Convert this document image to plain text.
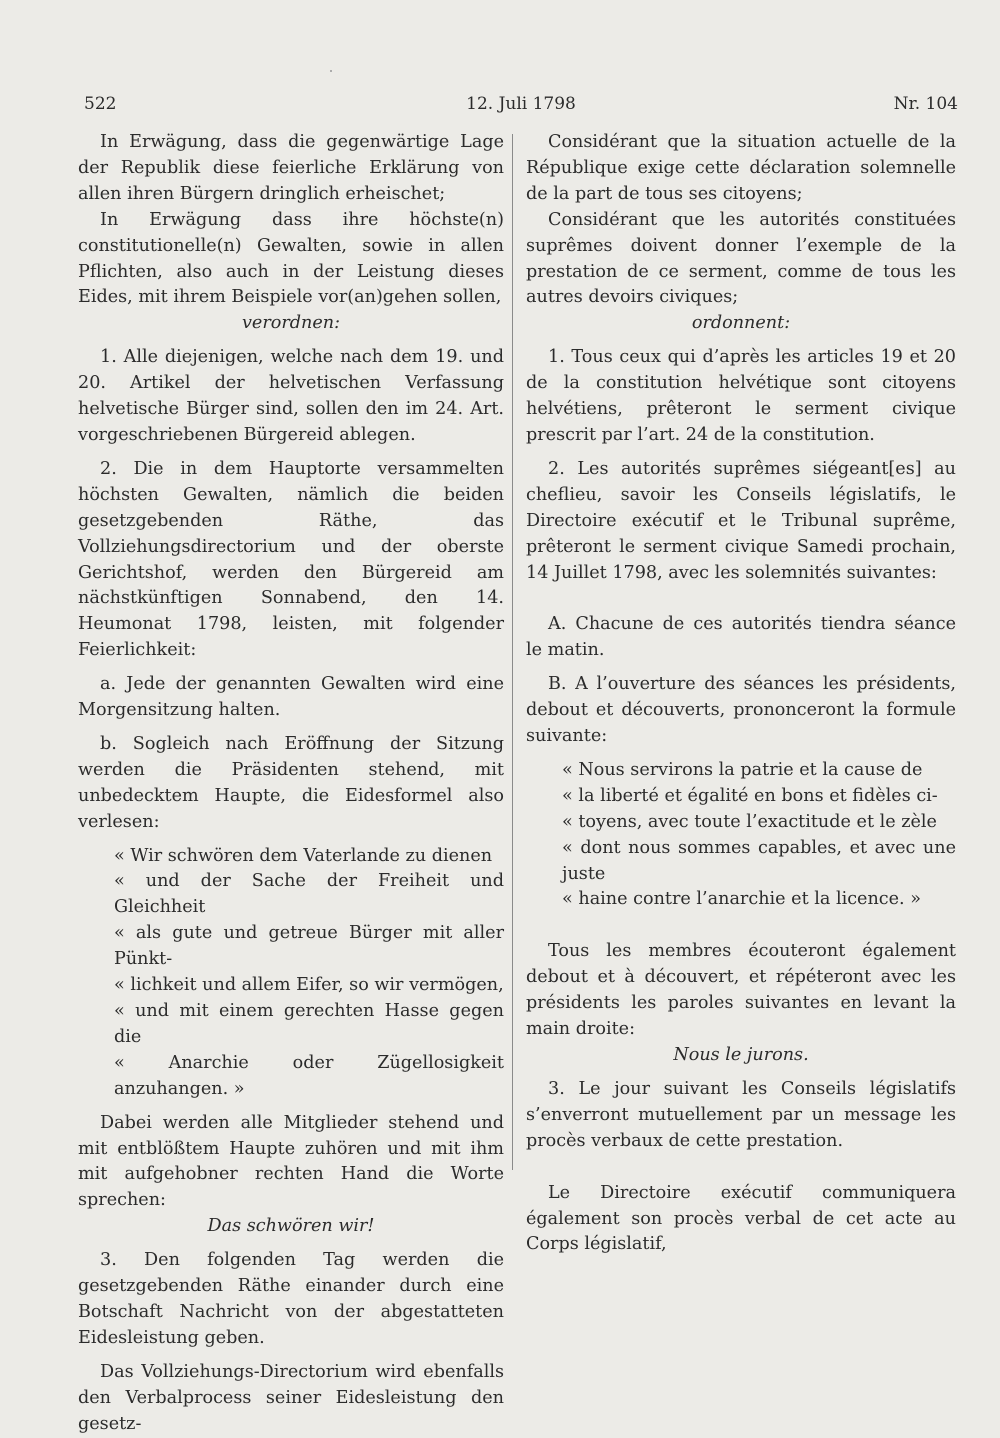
522	12. Juli 1798	Nr. 104

In Erwägung, dass die gegenwärtige Lage der Republik diese feierliche Erklärung von allen ihren Bürgern dringlich erheischet;

In Erwägung dass ihre höchste(n) constitutionelle(n) Gewalten, sowie in allen Pflichten, also auch in der Leistung dieses Eides, mit ihrem Beispiele vor(an)gehen sollen,

verordnen:

1. Alle diejenigen, welche nach dem 19. und 20. Artikel der helvetischen Verfassung helvetische Bürger sind, sollen den im 24. Art. vorgeschriebenen Bürgereid ablegen.

2. Die in dem Hauptorte versammelten höchsten Gewalten, nämlich die beiden gesetzgebenden Räthe, das Vollziehungsdirectorium und der oberste Gerichtshof, werden den Bürgereid am nächstkünftigen Sonnabend, den 14. Heumonat 1798, leisten, mit folgender Feierlichkeit:

a. Jede der genannten Gewalten wird eine Morgensitzung halten.

b. Sogleich nach Eröffnung der Sitzung werden die Präsidenten stehend, mit unbedecktem Haupte, die Eidesformel also verlesen:

« Wir schwören dem Vaterlande zu dienen

« und der Sache der Freiheit und Gleichheit

« als gute und getreue Bürger mit aller Pünkt-

« lichkeit und allem Eifer, so wir vermögen,

« und mit einem gerechten Hasse gegen die

« Anarchie oder Zügellosigkeit anzuhangen. »

Dabei werden alle Mitglieder stehend und mit entblößtem Haupte zuhören und mit ihm mit aufgehobner rechten Hand die Worte sprechen:

Das schwören wir!

3. Den folgenden Tag werden die gesetzgebenden Räthe einander durch eine Botschaft Nachricht von der abgestatteten Eidesleistung geben.

Das Vollziehungs-Directorium wird ebenfalls den Verbalprocess seiner Eidesleistung den gesetz-

Considérant que la situation actuelle de la République exige cette déclaration solemnelle de la part de tous ses citoyens;

Considérant que les autorités constituées suprêmes doivent donner l’exemple de la prestation de ce serment, comme de tous les autres devoirs civiques;

ordonnent:

1. Tous ceux qui d’après les articles 19 et 20 de la constitution helvétique sont citoyens helvétiens, prêteront le serment civique prescrit par l’art. 24 de la constitution.

2. Les autorités suprêmes siégeant[es] au cheflieu, savoir les Conseils législatifs, le Directoire exécutif et le Tribunal suprême, prêteront le serment civique Samedi prochain, 14 Juillet 1798, avec les solemnités suivantes:

A. Chacune de ces autorités tiendra séance le matin.

B. A l’ouverture des séances les présidents, debout et découverts, prononceront la formule suivante:

« Nous servirons la patrie et la cause de

« la liberté et égalité en bons et fidèles ci-

« toyens, avec toute l’exactitude et le zèle

« dont nous sommes capables, et avec une juste

« haine contre l’anarchie et la licence. »

Tous les membres écouteront également debout et à découvert, et répéteront avec les présidents les paroles suivantes en levant la main droite:

Nous le jurons.

3. Le jour suivant les Conseils législatifs s’enverront mutuellement par un message les procès verbaux de cette prestation.

Le Directoire exécutif communiquera également son procès verbal de cet acte au Corps législatif,
